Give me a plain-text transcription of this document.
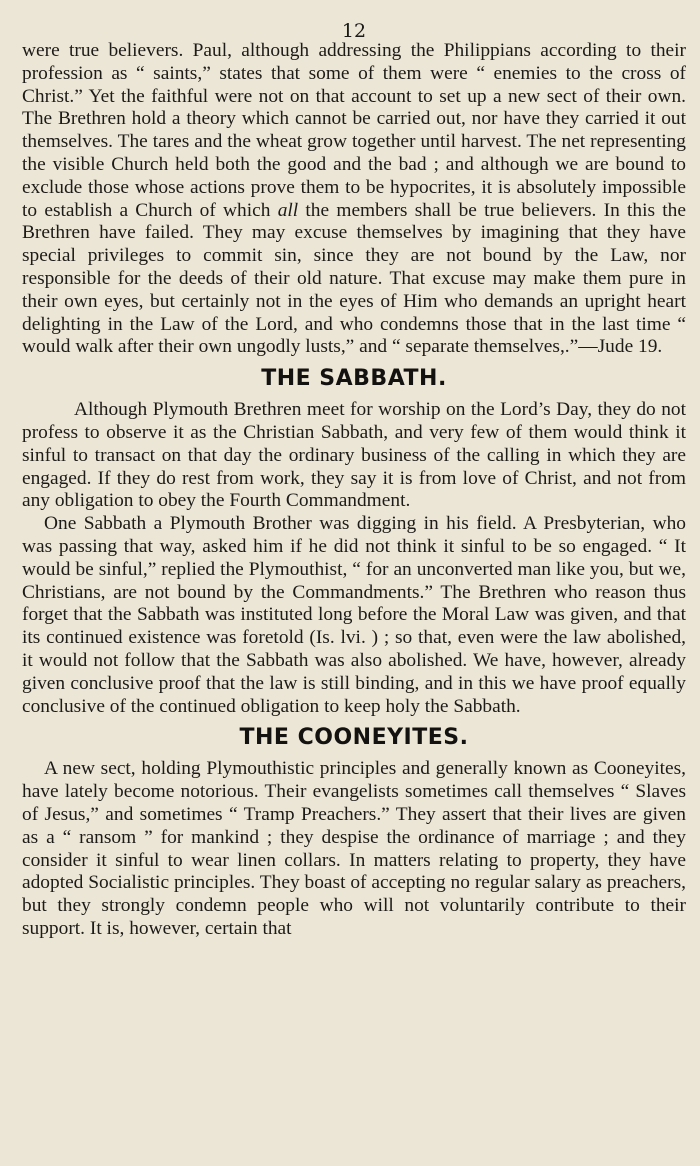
12

were true believers. Paul, although addressing the Philippians according to their profession as “ saints,” states that some of them were “ enemies to the cross of Christ.” Yet the faithful were not on that account to set up a new sect of their own. The Brethren hold a theory which cannot be carried out, nor have they carried it out themselves. The tares and the wheat grow together until harvest. The net representing the visible Church held both the good and the bad ; and although we are bound to exclude those whose actions prove them to be hypocrites, it is absolutely impossible to establish a Church of which all the members shall be true believers. In this the Brethren have failed. They may excuse themselves by imagining that they have special privileges to commit sin, since they are not bound by the Law, nor responsible for the deeds of their old nature. That excuse may make them pure in their own eyes, but certainly not in the eyes of Him who demands an upright heart delighting in the Law of the Lord, and who condemns those that in the last time “ would walk after their own ungodly lusts,” and “ separate themselves,.”—Jude 19.

THE SABBATH.

Although Plymouth Brethren meet for worship on the Lord’s Day, they do not profess to observe it as the Christian Sabbath, and very few of them would think it sinful to transact on that day the ordinary business of the calling in which they are engaged. If they do rest from work, they say it is from love of Christ, and not from any obligation to obey the Fourth Commandment.

One Sabbath a Plymouth Brother was digging in his field. A Presbyterian, who was passing that way, asked him if he did not think it sinful to be so engaged. “ It would be sinful,” replied the Plymouthist, “ for an unconverted man like you, but we, Christians, are not bound by the Commandments.” The Brethren who reason thus forget that the Sabbath was instituted long before the Moral Law was given, and that its continued existence was foretold (Is. lvi. ) ; so that, even were the law abolished, it would not follow that the Sabbath was also abolished. We have, however, already given conclusive proof that the law is still binding, and in this we have proof equally conclusive of the continued obligation to keep holy the Sabbath.

THE COONEYITES.

A new sect, holding Plymouthistic principles and generally known as Cooneyites, have lately become notorious. Their evangelists sometimes call themselves “ Slaves of Jesus,” and sometimes “ Tramp Preachers.” They assert that their lives are given as a “ ransom ” for mankind ; they despise the ordinance of marriage ; and they consider it sinful to wear linen collars. In matters relating to property, they have adopted Socialistic principles. They boast of accepting no regular salary as preachers, but they strongly condemn people who will not voluntarily contribute to their support. It is, however, certain that
